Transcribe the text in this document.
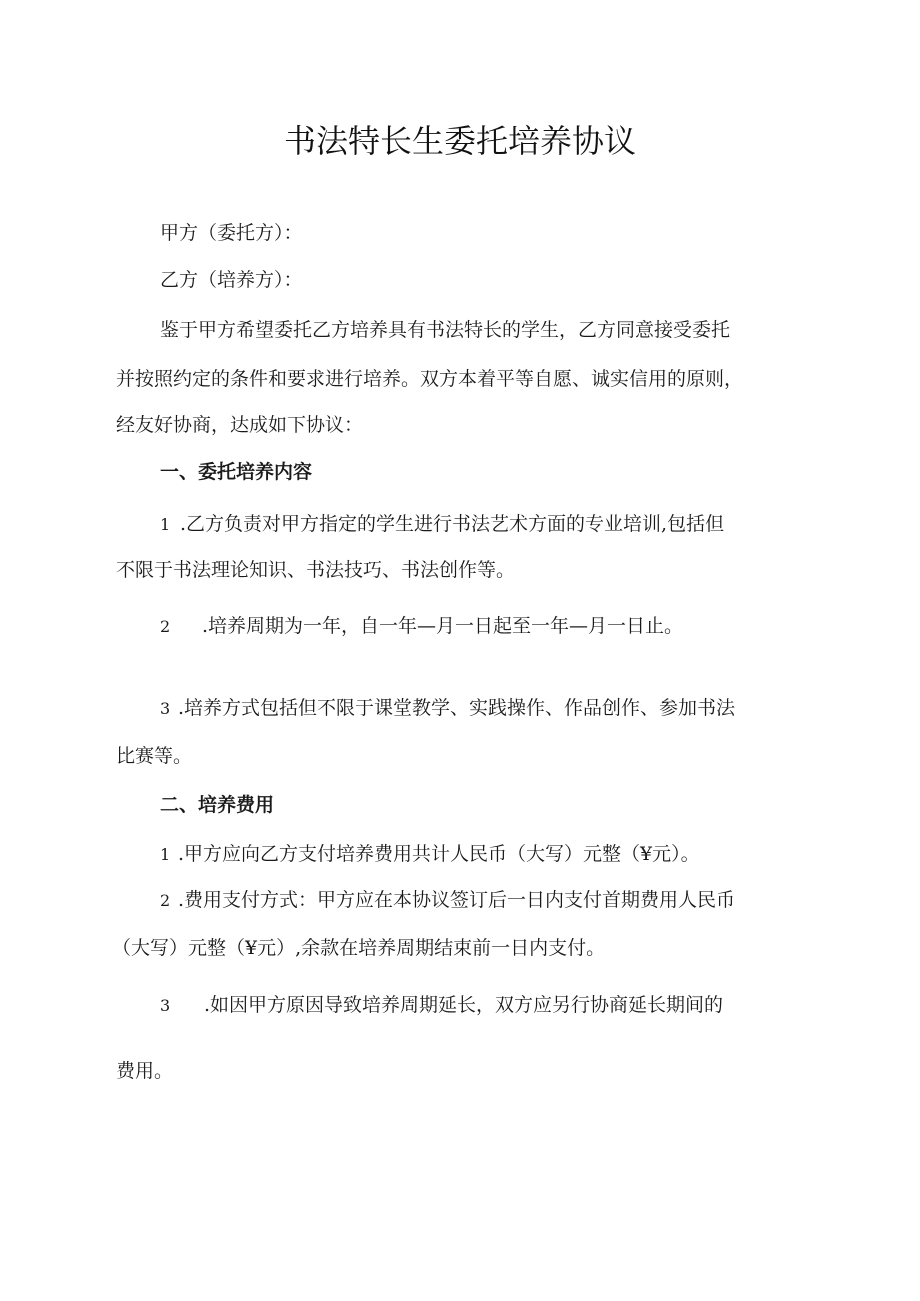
书法特长生委托培养协议
甲方（委托方）：
乙方（培养方）：
鉴于甲方希望委托乙方培养具有书法特长的学生，乙方同意接受委托
并按照约定的条件和要求进行培养。双方本着平等自愿、诚实信用的原则，
经友好协商，达成如下协议：
一、委托培养内容
1 .乙方负责对甲方指定的学生进行书法艺术方面的专业培训,包括但
不限于书法理论知识、书法技巧、书法创作等。
2 .培养周期为一年，自一年—月一日起至一年—月一日止。
3 .培养方式包括但不限于课堂教学、实践操作、作品创作、参加书法
比赛等。
二、培养费用
1 .甲方应向乙方支付培养费用共计人民币（大写）元整（¥元）。
2 .费用支付方式：甲方应在本协议签订后一日内支付首期费用人民币
（大写）元整（¥元）,余款在培养周期结束前一日内支付。
3 .如因甲方原因导致培养周期延长，双方应另行协商延长期间的
费用。
